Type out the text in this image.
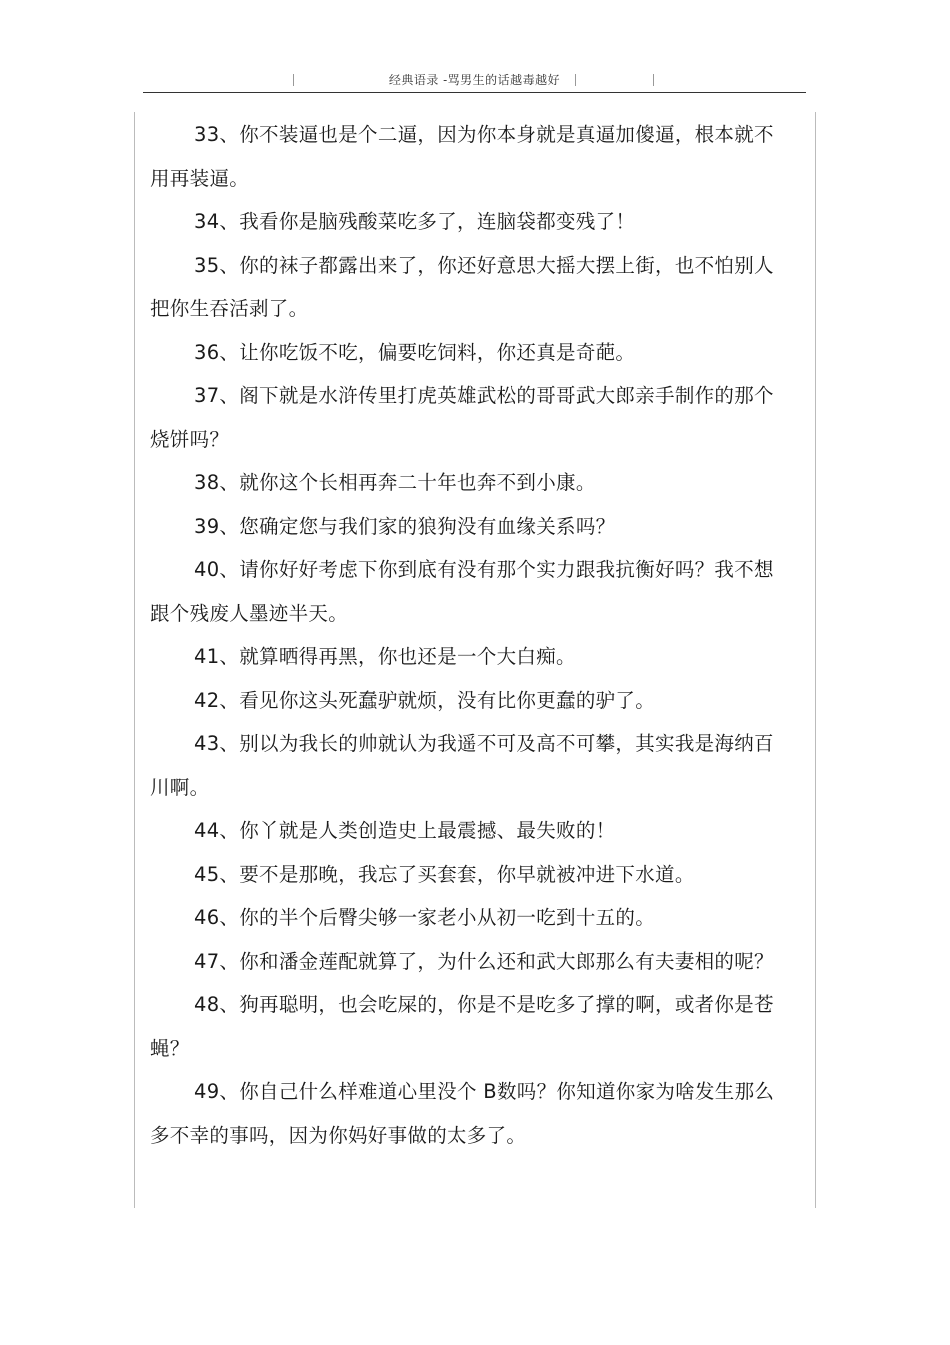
经典语录 -骂男生的话越毒越好

33、你不装逼也是个二逼，因为你本身就是真逼加傻逼，根本就不用再装逼。

34、我看你是脑残酸菜吃多了，连脑袋都变残了！

35、你的袜子都露出来了，你还好意思大摇大摆上街，也不怕别人把你生吞活剥了。

36、让你吃饭不吃，偏要吃饲料，你还真是奇葩。

37、阁下就是水浒传里打虎英雄武松的哥哥武大郎亲手制作的那个烧饼吗？

38、就你这个长相再奔二十年也奔不到小康。

39、您确定您与我们家的狼狗没有血缘关系吗？

40、请你好好考虑下你到底有没有那个实力跟我抗衡好吗？我不想跟个残废人墨迹半天。

41、就算晒得再黑，你也还是一个大白痴。

42、看见你这头死蠢驴就烦，没有比你更蠢的驴了。

43、别以为我长的帅就认为我遥不可及高不可攀，其实我是海纳百川啊。

44、你丫就是人类创造史上最震撼、最失败的！

45、要不是那晚，我忘了买套套，你早就被冲进下水道。

46、你的半个后臀尖够一家老小从初一吃到十五的。

47、你和潘金莲配就算了，为什么还和武大郎那么有夫妻相的呢？

48、狗再聪明，也会吃屎的，你是不是吃多了撑的啊，或者你是苍蝇？

49、你自己什么样难道心里没个 B数吗？你知道你家为啥发生那么多不幸的事吗，因为你妈好事做的太多了。
